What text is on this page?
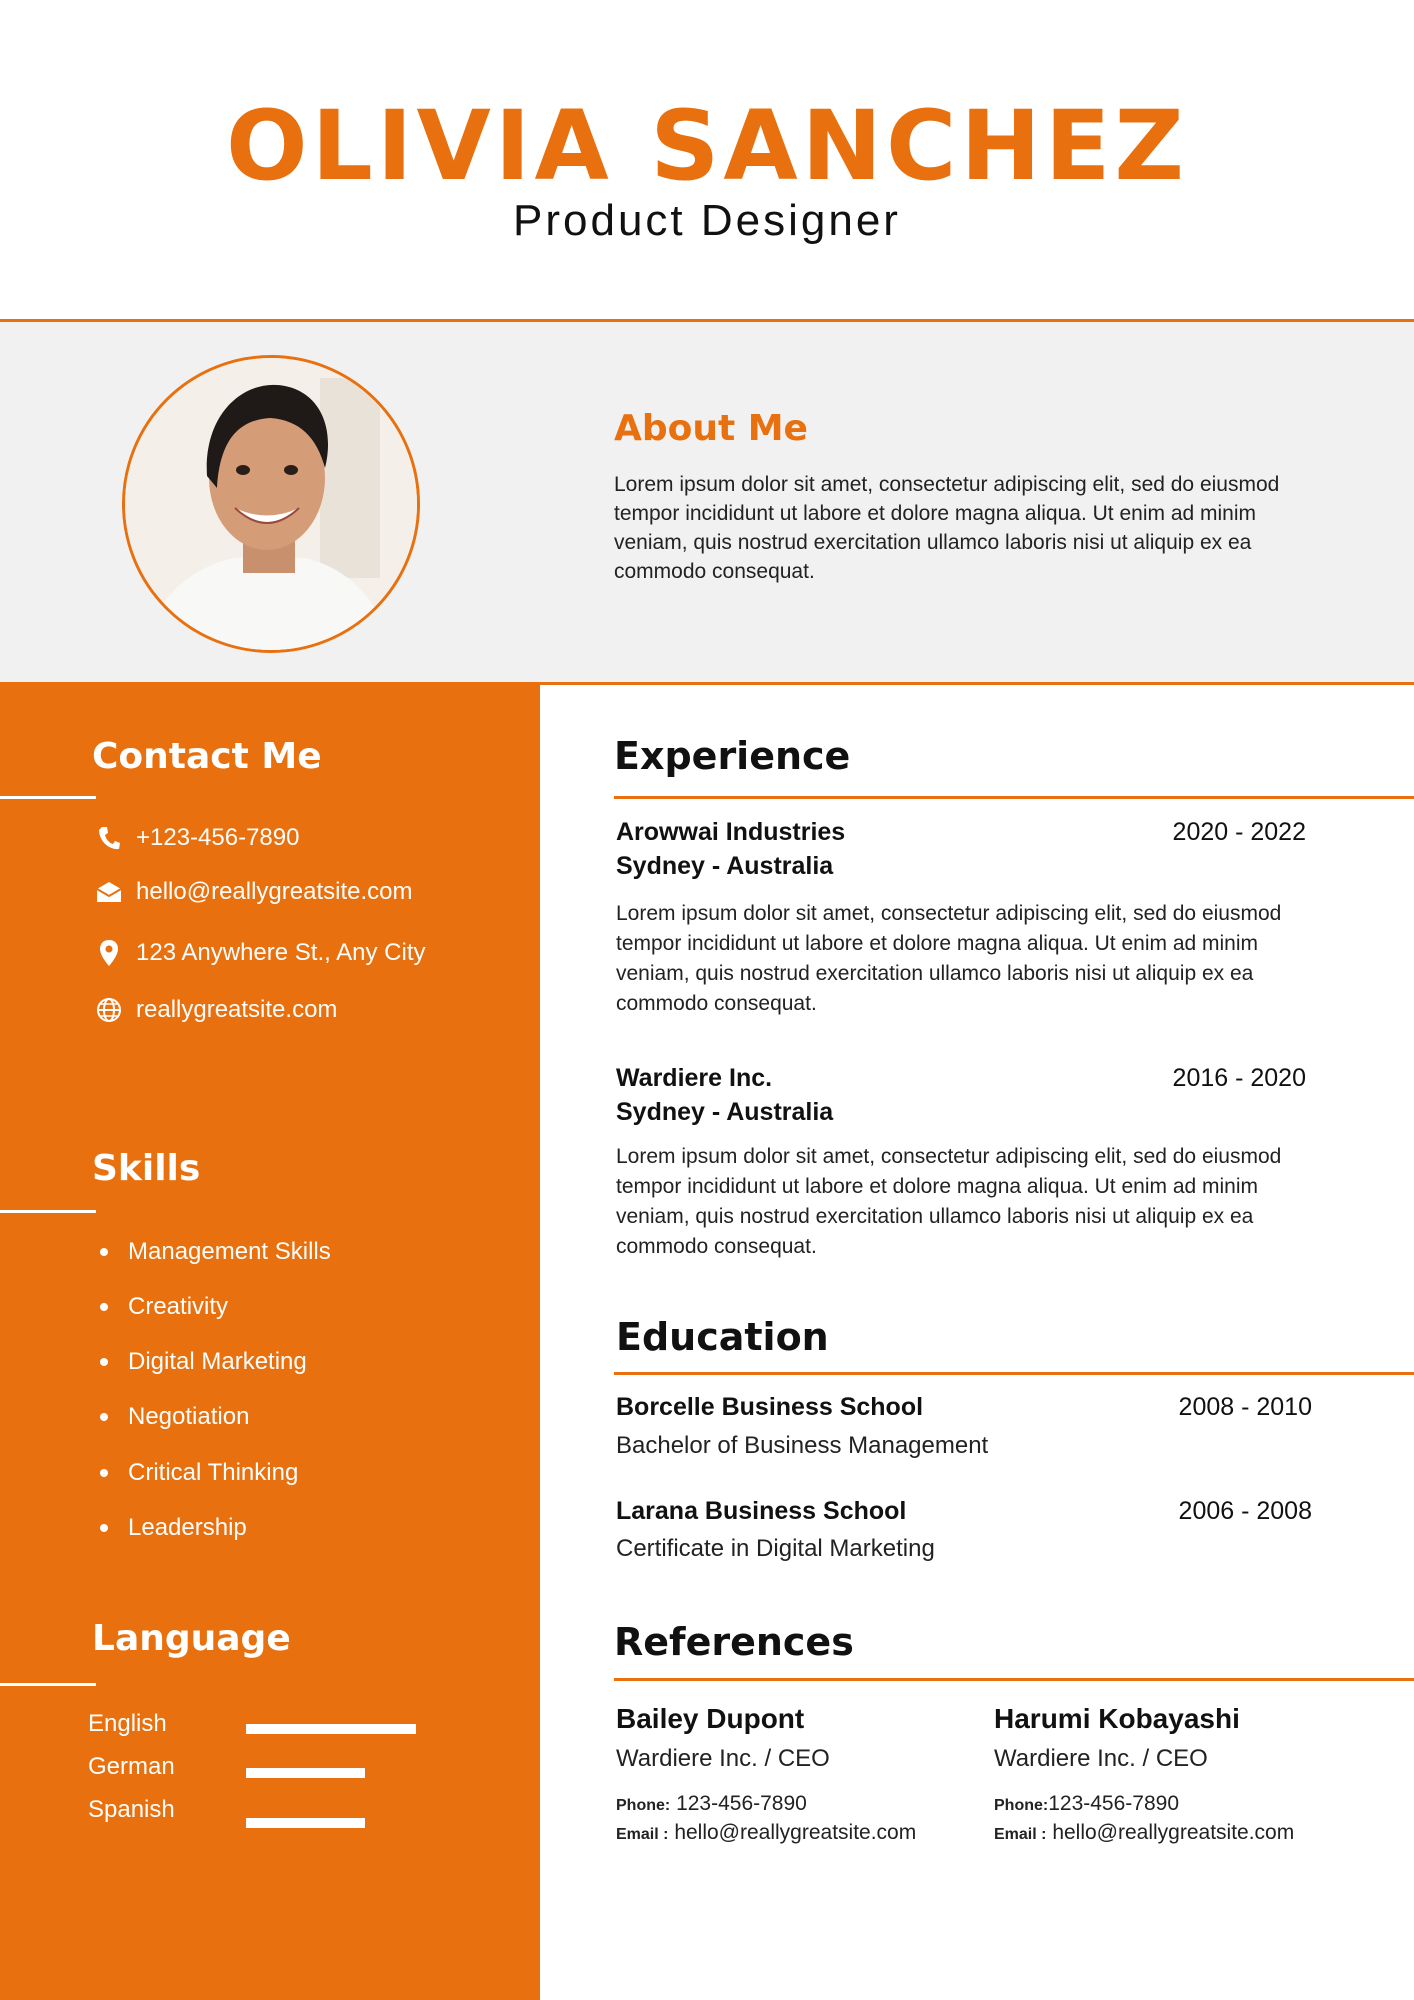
OLIVIA SANCHEZ
Product Designer
About Me
Lorem ipsum dolor sit amet, consectetur adipiscing elit, sed do eiusmod tempor incididunt ut labore et dolore magna aliqua. Ut enim ad minim veniam, quis nostrud exercitation ullamco laboris nisi ut aliquip ex ea commodo consequat.
Contact Me
+123-456-7890
hello@reallygreatsite.com
123 Anywhere St., Any City
reallygreatsite.com
Skills
Management Skills
Creativity
Digital Marketing
Negotiation
Critical Thinking
Leadership
Language
English
German
Spanish
Experience
Arowwai Industries	2020 - 2022
Sydney - Australia
Lorem ipsum dolor sit amet, consectetur adipiscing elit, sed do eiusmod tempor incididunt ut labore et dolore magna aliqua. Ut enim ad minim veniam, quis nostrud exercitation ullamco laboris nisi ut aliquip ex ea commodo consequat.
Wardiere Inc.	2016 - 2020
Sydney - Australia
Lorem ipsum dolor sit amet, consectetur adipiscing elit, sed do eiusmod tempor incididunt ut labore et dolore magna aliqua. Ut enim ad minim veniam, quis nostrud exercitation ullamco laboris nisi ut aliquip ex ea commodo consequat.
Education
Borcelle Business School	2008 - 2010
Bachelor of Business Management
Larana Business School	2006 - 2008
Certificate in Digital Marketing
References
Bailey Dupont
Wardiere Inc. / CEO
Phone: 123-456-7890
Email : hello@reallygreatsite.com
Harumi Kobayashi
Wardiere Inc. / CEO
Phone:123-456-7890
Email : hello@reallygreatsite.com
